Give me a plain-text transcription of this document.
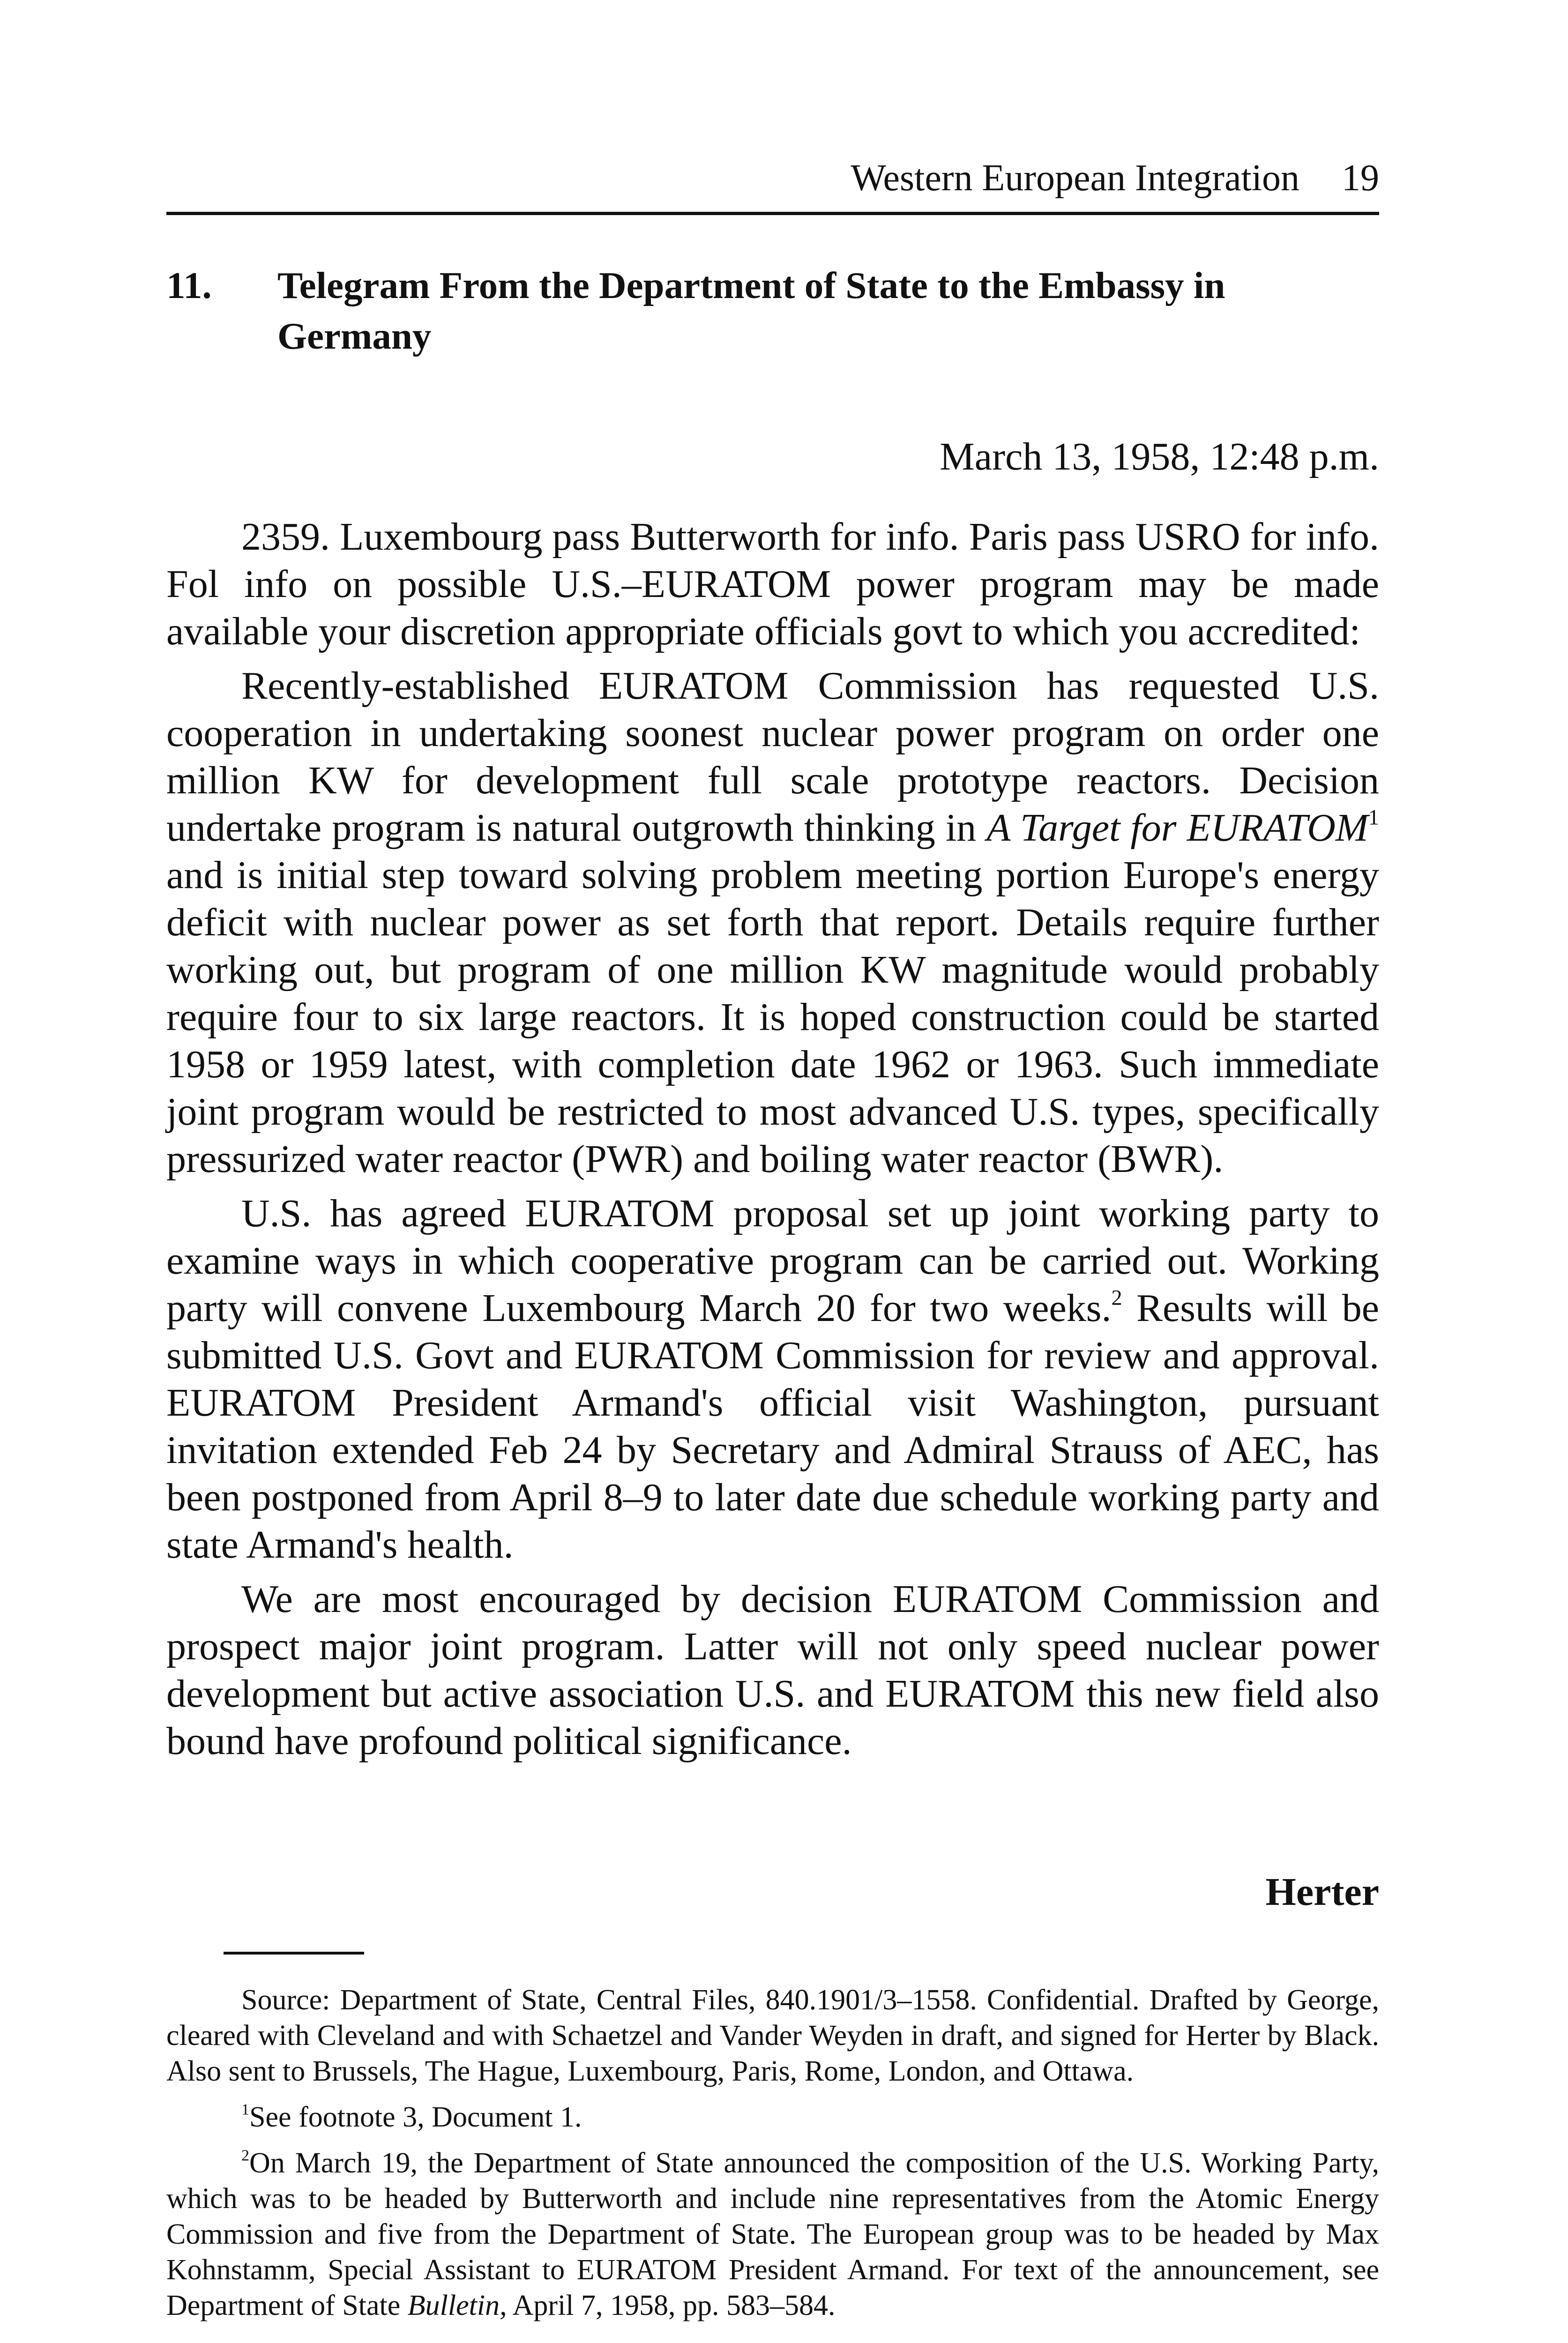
Western European Integration 19
11. Telegram From the Department of State to the Embassy in Germany
March 13, 1958, 12:48 p.m.

2359. Luxembourg pass Butterworth for info. Paris pass USRO for info. Fol info on possible U.S.–EURATOM power program may be made available your discretion appropriate officials govt to which you accredited:

Recently-established EURATOM Commission has requested U.S. cooperation in undertaking soonest nuclear power program on order one million KW for development full scale prototype reactors. Decision undertake program is natural outgrowth thinking in A Target for EURATOM$^1$ and is initial step toward solving problem meeting portion Europe's energy deficit with nuclear power as set forth that report. Details require further working out, but program of one million KW magnitude would probably require four to six large reactors. It is hoped construction could be started 1958 or 1959 latest, with completion date 1962 or 1963. Such immediate joint program would be restricted to most advanced U.S. types, specifically pressurized water reactor (PWR) and boiling water reactor (BWR).

U.S. has agreed EURATOM proposal set up joint working party to examine ways in which cooperative program can be carried out. Working party will convene Luxembourg March 20 for two weeks.$^2$ Results will be submitted U.S. Govt and EURATOM Commission for review and approval. EURATOM President Armand's official visit Washington, pursuant invitation extended Feb 24 by Secretary and Admiral Strauss of AEC, has been postponed from April 8–9 to later date due schedule working party and state Armand's health.

We are most encouraged by decision EURATOM Commission and prospect major joint program. Latter will not only speed nuclear power development but active association U.S. and EURATOM this new field also bound have profound political significance.

Herter

Source: Department of State, Central Files, 840.1901/3–1558. Confidential. Drafted by George, cleared with Cleveland and with Schaetzel and Vander Weyden in draft, and signed for Herter by Black. Also sent to Brussels, The Hague, Luxembourg, Paris, Rome, London, and Ottawa.

$^1$See footnote 3, Document 1.

$^2$On March 19, the Department of State announced the composition of the U.S. Working Party, which was to be headed by Butterworth and include nine representatives from the Atomic Energy Commission and five from the Department of State. The European group was to be headed by Max Kohnstamm, Special Assistant to EURATOM President Armand. For text of the announcement, see Department of State Bulletin, April 7, 1958, pp. 583–584.
